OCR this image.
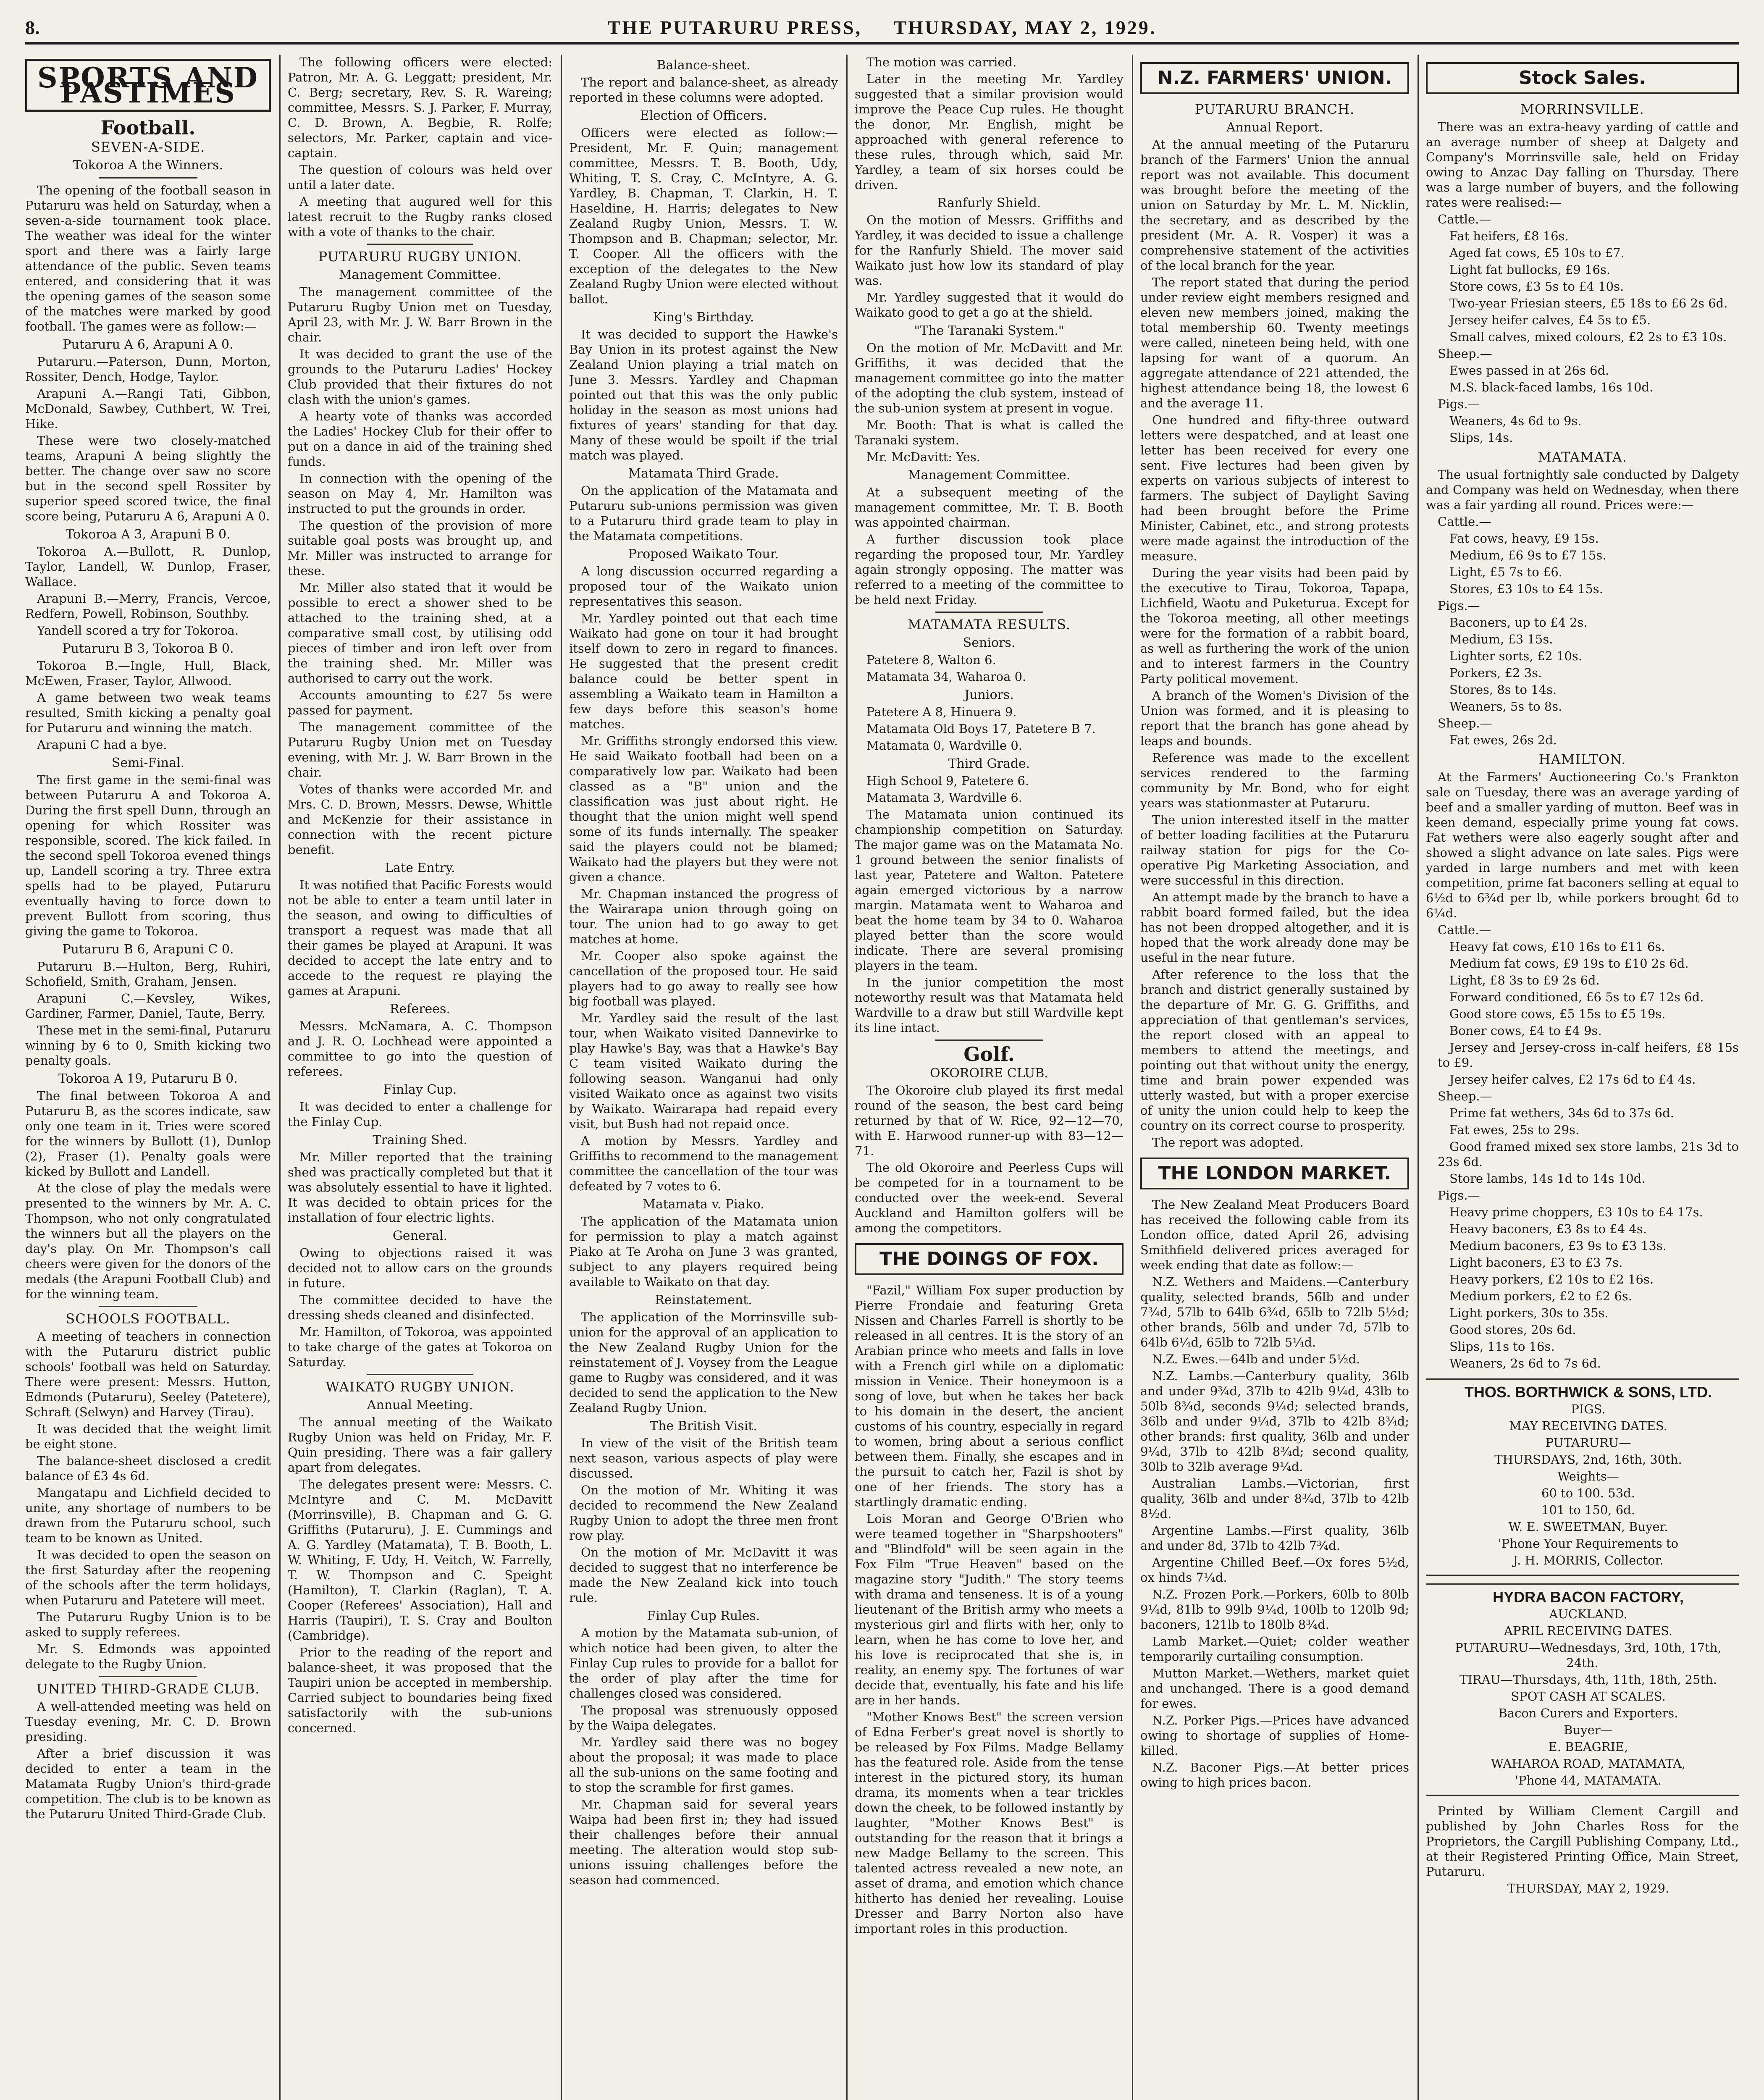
8.	THE PUTARURU PRESS, THURSDAY, MAY 2, 1929.
SPORTS AND PASTIMES
Football.
SEVEN-A-SIDE.
Tokoroa A the Winners.

The opening of the football season in Putaruru was held on Saturday, when a seven-a-side tournament took place. The weather was ideal for the winter sport and there was a fairly large attendance of the public. Seven teams entered, and considering that it was the opening games of the season some of the matches were marked by good football. The games were as follow:—

Putaruru A 6, Arapuni A 0.

Putaruru.—Paterson, Dunn, Morton, Rossiter, Dench, Hodge, Taylor.

Arapuni A.—Rangi Tati, Gibbon, McDonald, Sawbey, Cuthbert, W. Trei, Hike.

These were two closely-matched teams, Arapuni A being slightly the better. The change over saw no score but in the second spell Rossiter by superior speed scored twice, the final score being, Putaruru A 6, Arapuni A 0.

Tokoroa A 3, Arapuni B 0.

Tokoroa A.—Bullott, R. Dunlop, Taylor, Landell, W. Dunlop, Fraser, Wallace.

Arapuni B.—Merry, Francis, Vercoe, Redfern, Powell, Robinson, Southby.

Yandell scored a try for Tokoroa.

Putaruru B 3, Tokoroa B 0.

Tokoroa B.—Ingle, Hull, Black, McEwen, Fraser, Taylor, Allwood.

A game between two weak teams resulted, Smith kicking a penalty goal for Putaruru and winning the match.

Arapuni C had a bye.

Semi-Final.

The first game in the semi-final was between Putaruru A and Tokoroa A. During the first spell Dunn, through an opening for which Rossiter was responsible, scored. The kick failed. In the second spell Tokoroa evened things up, Landell scoring a try. Three extra spells had to be played, Putaruru eventually having to force down to prevent Bullott from scoring, thus giving the game to Tokoroa.

Putaruru B 6, Arapuni C 0.

Putaruru B.—Hulton, Berg, Ruhiri, Schofield, Smith, Graham, Jensen.

Arapuni C.—Kevsley, Wikes, Gardiner, Farmer, Daniel, Taute, Berry.

These met in the semi-final, Putaruru winning by 6 to 0, Smith kicking two penalty goals.

Tokoroa A 19, Putaruru B 0.

The final between Tokoroa A and Putaruru B, as the scores indicate, saw only one team in it. Tries were scored for the winners by Bullott (1), Dunlop (2), Fraser (1). Penalty goals were kicked by Bullott and Landell.

At the close of play the medals were presented to the winners by Mr. A. C. Thompson, who not only congratulated the winners but all the players on the day's play. On Mr. Thompson's call cheers were given for the donors of the medals (the Arapuni Football Club) and for the winning team.

SCHOOLS FOOTBALL.

A meeting of teachers in connection with the Putaruru district public schools' football was held on Saturday. There were present: Messrs. Hutton, Edmonds (Putaruru), Seeley (Patetere), Schraft (Selwyn) and Harvey (Tirau).

It was decided that the weight limit be eight stone.

The balance-sheet disclosed a credit balance of £3 4s 6d.

Mangatapu and Lichfield decided to unite, any shortage of numbers to be drawn from the Putaruru school, such team to be known as United.

It was decided to open the season on the first Saturday after the reopening of the schools after the term holidays, when Putaruru and Patetere will meet.

The Putaruru Rugby Union is to be asked to supply referees.

Mr. S. Edmonds was appointed delegate to the Rugby Union.

UNITED THIRD-GRADE CLUB.

A well-attended meeting was held on Tuesday evening, Mr. C. D. Brown presiding.

After a brief discussion it was decided to enter a team in the Matamata Rugby Union's third-grade competition. The club is to be known as the Putaruru United Third-Grade Club.

The following officers were elected: Patron, Mr. A. G. Leggatt; president, Mr. C. Berg; secretary, Rev. S. R. Wareing; committee, Messrs. S. J. Parker, F. Murray, C. D. Brown, A. Begbie, R. Rolfe; selectors, Mr. Parker, captain and vice-captain.

The question of colours was held over until a later date.

A meeting that augured well for this latest recruit to the Rugby ranks closed with a vote of thanks to the chair.

PUTARURU RUGBY UNION.
Management Committee.

The management committee of the Putaruru Rugby Union met on Tuesday, April 23, with Mr. J. W. Barr Brown in the chair.

It was decided to grant the use of the grounds to the Putaruru Ladies' Hockey Club provided that their fixtures do not clash with the union's games.

A hearty vote of thanks was accorded the Ladies' Hockey Club for their offer to put on a dance in aid of the training shed funds.

In connection with the opening of the season on May 4, Mr. Hamilton was instructed to put the grounds in order.

The question of the provision of more suitable goal posts was brought up, and Mr. Miller was instructed to arrange for these.

Mr. Miller also stated that it would be possible to erect a shower shed to be attached to the training shed, at a comparative small cost, by utilising odd pieces of timber and iron left over from the training shed. Mr. Miller was authorised to carry out the work.

Accounts amounting to £27 5s were passed for payment.

The management committee of the Putaruru Rugby Union met on Tuesday evening, with Mr. J. W. Barr Brown in the chair.

Votes of thanks were accorded Mr. and Mrs. C. D. Brown, Messrs. Dewse, Whittle and McKenzie for their assistance in connection with the recent picture benefit.

Late Entry.

It was notified that Pacific Forests would not be able to enter a team until later in the season, and owing to difficulties of transport a request was made that all their games be played at Arapuni. It was decided to accept the late entry and to accede to the request re playing the games at Arapuni.

Referees.

Messrs. McNamara, A. C. Thompson and J. R. O. Lochhead were appointed a committee to go into the question of referees.

Finlay Cup.

It was decided to enter a challenge for the Finlay Cup.

Training Shed.

Mr. Miller reported that the training shed was practically completed but that it was absolutely essential to have it lighted. It was decided to obtain prices for the installation of four electric lights.

General.

Owing to objections raised it was decided not to allow cars on the grounds in future.

The committee decided to have the dressing sheds cleaned and disinfected.

Mr. Hamilton, of Tokoroa, was appointed to take charge of the gates at Tokoroa on Saturday.

WAIKATO RUGBY UNION.
Annual Meeting.

The annual meeting of the Waikato Rugby Union was held on Friday, Mr. F. Quin presiding. There was a fair gallery apart from delegates.

The delegates present were: Messrs. C. McIntyre and C. M. McDavitt (Morrinsville), B. Chapman and G. G. Griffiths (Putaruru), J. E. Cummings and A. G. Yardley (Matamata), T. B. Booth, L. W. Whiting, F. Udy, H. Veitch, W. Farrelly, T. W. Thompson and C. Speight (Hamilton), T. Clarkin (Raglan), T. A. Cooper (Referees' Association), Hall and Harris (Taupiri), T. S. Cray and Boulton (Cambridge).

Prior to the reading of the report and balance-sheet, it was proposed that the Taupiri union be accepted in membership. Carried subject to boundaries being fixed satisfactorily with the sub-unions concerned.

Balance-sheet.

The report and balance-sheet, as already reported in these columns were adopted.

Election of Officers.

Officers were elected as follow:— President, Mr. F. Quin; management committee, Messrs. T. B. Booth, Udy, Whiting, T. S. Cray, C. McIntyre, A. G. Yardley, B. Chapman, T. Clarkin, H. T. Haseldine, H. Harris; delegates to New Zealand Rugby Union, Messrs. T. W. Thompson and B. Chapman; selector, Mr. T. Cooper. All the officers with the exception of the delegates to the New Zealand Rugby Union were elected without ballot.

King's Birthday.

It was decided to support the Hawke's Bay Union in its protest against the New Zealand Union playing a trial match on June 3. Messrs. Yardley and Chapman pointed out that this was the only public holiday in the season as most unions had fixtures of years' standing for that day. Many of these would be spoilt if the trial match was played.

Matamata Third Grade.

On the application of the Matamata and Putaruru sub-unions permission was given to a Putaruru third grade team to play in the Matamata competitions.

Proposed Waikato Tour.

A long discussion occurred regarding a proposed tour of the Waikato union representatives this season.

Mr. Yardley pointed out that each time Waikato had gone on tour it had brought itself down to zero in regard to finances. He suggested that the present credit balance could be better spent in assembling a Waikato team in Hamilton a few days before this season's home matches.

Mr. Griffiths strongly endorsed this view. He said Waikato football had been on a comparatively low par. Waikato had been classed as a "B" union and the classification was just about right. He thought that the union might well spend some of its funds internally. The speaker said the players could not be blamed; Waikato had the players but they were not given a chance.

Mr. Chapman instanced the progress of the Wairarapa union through going on tour. The union had to go away to get matches at home.

Mr. Cooper also spoke against the cancellation of the proposed tour. He said players had to go away to really see how big football was played.

Mr. Yardley said the result of the last tour, when Waikato visited Dannevirke to play Hawke's Bay, was that a Hawke's Bay C team visited Waikato during the following season. Wanganui had only visited Waikato once as against two visits by Waikato. Wairarapa had repaid every visit, but Bush had not repaid once.

A motion by Messrs. Yardley and Griffiths to recommend to the management committee the cancellation of the tour was defeated by 7 votes to 6.

Matamata v. Piako.

The application of the Matamata union for permission to play a match against Piako at Te Aroha on June 3 was granted, subject to any players required being available to Waikato on that day.

Reinstatement.

The application of the Morrinsville sub-union for the approval of an application to the New Zealand Rugby Union for the reinstatement of J. Voysey from the League game to Rugby was considered, and it was decided to send the application to the New Zealand Rugby Union.

The British Visit.

In view of the visit of the British team next season, various aspects of play were discussed.

On the motion of Mr. Whiting it was decided to recommend the New Zealand Rugby Union to adopt the three men front row play.

On the motion of Mr. McDavitt it was decided to suggest that no interference be made the New Zealand kick into touch rule.

Finlay Cup Rules.

A motion by the Matamata sub-union, of which notice had been given, to alter the Finlay Cup rules to provide for a ballot for the order of play after the time for challenges closed was considered.

The proposal was strenuously opposed by the Waipa delegates.

Mr. Yardley said there was no bogey about the proposal; it was made to place all the sub-unions on the same footing and to stop the scramble for first games.

Mr. Chapman said for several years Waipa had been first in; they had issued their challenges before their annual meeting. The alteration would stop sub-unions issuing challenges before the season had commenced.

The motion was carried.

Later in the meeting Mr. Yardley suggested that a similar provision would improve the Peace Cup rules. He thought the donor, Mr. English, might be approached with general reference to these rules, through which, said Mr. Yardley, a team of six horses could be driven.

Ranfurly Shield.

On the motion of Messrs. Griffiths and Yardley, it was decided to issue a challenge for the Ranfurly Shield. The mover said Waikato just how low its standard of play was.

Mr. Yardley suggested that it would do Waikato good to get a go at the shield.

"The Taranaki System."

On the motion of Mr. McDavitt and Mr. Griffiths, it was decided that the management committee go into the matter of the adopting the club system, instead of the sub-union system at present in vogue.

Mr. Booth: That is what is called the Taranaki system.

Mr. McDavitt: Yes.

Management Committee.

At a subsequent meeting of the management committee, Mr. T. B. Booth was appointed chairman.

A further discussion took place regarding the proposed tour, Mr. Yardley again strongly opposing. The matter was referred to a meeting of the committee to be held next Friday.

MATAMATA RESULTS.
Seniors.

Patetere 8, Walton 6.

Matamata 34, Waharoa 0.

Juniors.

Patetere A 8, Hinuera 9.

Matamata Old Boys 17, Patetere B 7.

Matamata 0, Wardville 0.

Third Grade.

High School 9, Patetere 6.

Matamata 3, Wardville 6.

The Matamata union continued its championship competition on Saturday. The major game was on the Matamata No. 1 ground between the senior finalists of last year, Patetere and Walton. Patetere again emerged victorious by a narrow margin. Matamata went to Waharoa and beat the home team by 34 to 0. Waharoa played better than the score would indicate. There are several promising players in the team.

In the junior competition the most noteworthy result was that Matamata held Wardville to a draw but still Wardville kept its line intact.

Golf.
OKOROIRE CLUB.

The Okoroire club played its first medal round of the season, the best card being returned by that of W. Rice, 92—12—70, with E. Harwood runner-up with 83—12—71.

The old Okoroire and Peerless Cups will be competed for in a tournament to be conducted over the week-end. Several Auckland and Hamilton golfers will be among the competitors.

THE DOINGS OF FOX.

"Fazil," William Fox super production by Pierre Frondaie and featuring Greta Nissen and Charles Farrell is shortly to be released in all centres. It is the story of an Arabian prince who meets and falls in love with a French girl while on a diplomatic mission in Venice. Their honeymoon is a song of love, but when he takes her back to his domain in the desert, the ancient customs of his country, especially in regard to women, bring about a serious conflict between them. Finally, she escapes and in the pursuit to catch her, Fazil is shot by one of her friends. The story has a startlingly dramatic ending.

Lois Moran and George O'Brien who were teamed together in "Sharpshooters" and "Blindfold" will be seen again in the Fox Film "True Heaven" based on the magazine story "Judith." The story teems with drama and tenseness. It is of a young lieutenant of the British army who meets a mysterious girl and flirts with her, only to learn, when he has come to love her, and his love is reciprocated that she is, in reality, an enemy spy. The fortunes of war decide that, eventually, his fate and his life are in her hands.

"Mother Knows Best" the screen version of Edna Ferber's great novel is shortly to be released by Fox Films. Madge Bellamy has the featured role. Aside from the tense interest in the pictured story, its human drama, its moments when a tear trickles down the cheek, to be followed instantly by laughter, "Mother Knows Best" is outstanding for the reason that it brings a new Madge Bellamy to the screen. This talented actress revealed a new note, an asset of drama, and emotion which chance hitherto has denied her revealing. Louise Dresser and Barry Norton also have important roles in this production.

N.Z. FARMERS' UNION.
PUTARURU BRANCH.
Annual Report.

At the annual meeting of the Putaruru branch of the Farmers' Union the annual report was not available. This document was brought before the meeting of the union on Saturday by Mr. L. M. Nicklin, the secretary, and as described by the president (Mr. A. R. Vosper) it was a comprehensive statement of the activities of the local branch for the year.

The report stated that during the period under review eight members resigned and eleven new members joined, making the total membership 60. Twenty meetings were called, nineteen being held, with one lapsing for want of a quorum. An aggregate attendance of 221 attended, the highest attendance being 18, the lowest 6 and the average 11.

One hundred and fifty-three outward letters were despatched, and at least one letter has been received for every one sent. Five lectures had been given by experts on various subjects of interest to farmers. The subject of Daylight Saving had been brought before the Prime Minister, Cabinet, etc., and strong protests were made against the introduction of the measure.

During the year visits had been paid by the executive to Tirau, Tokoroa, Tapapa, Lichfield, Waotu and Puketurua. Except for the Tokoroa meeting, all other meetings were for the formation of a rabbit board, as well as furthering the work of the union and to interest farmers in the Country Party political movement.

A branch of the Women's Division of the Union was formed, and it is pleasing to report that the branch has gone ahead by leaps and bounds.

Reference was made to the excellent services rendered to the farming community by Mr. Bond, who for eight years was stationmaster at Putaruru.

The union interested itself in the matter of better loading facilities at the Putaruru railway station for pigs for the Co-operative Pig Marketing Association, and were successful in this direction.

An attempt made by the branch to have a rabbit board formed failed, but the idea has not been dropped altogether, and it is hoped that the work already done may be useful in the near future.

After reference to the loss that the branch and district generally sustained by the departure of Mr. G. G. Griffiths, and appreciation of that gentleman's services, the report closed with an appeal to members to attend the meetings, and pointing out that without unity the energy, time and brain power expended was utterly wasted, but with a proper exercise of unity the union could help to keep the country on its correct course to prosperity.

The report was adopted.

THE LONDON MARKET.

The New Zealand Meat Producers Board has received the following cable from its London office, dated April 26, advising Smithfield delivered prices averaged for week ending that date as follow:—

N.Z. Wethers and Maidens.—Canterbury quality, selected brands, 56lb and under 7¾d, 57lb to 64lb 6¾d, 65lb to 72lb 5½d; other brands, 56lb and under 7d, 57lb to 64lb 6¼d, 65lb to 72lb 5¼d.

N.Z. Ewes.—64lb and under 5½d.

N.Z. Lambs.—Canterbury quality, 36lb and under 9¾d, 37lb to 42lb 9¼d, 43lb to 50lb 8¾d, seconds 9¼d; selected brands, 36lb and under 9¼d, 37lb to 42lb 8¾d; other brands: first quality, 36lb and under 9¼d, 37lb to 42lb 8¾d; second quality, 30lb to 32lb average 9¼d.

Australian Lambs.—Victorian, first quality, 36lb and under 8¾d, 37lb to 42lb 8½d.

Argentine Lambs.—First quality, 36lb and under 8d, 37lb to 42lb 7¾d.

Argentine Chilled Beef.—Ox fores 5½d, ox hinds 7¼d.

N.Z. Frozen Pork.—Porkers, 60lb to 80lb 9¼d, 81lb to 99lb 9¼d, 100lb to 120lb 9d; baconers, 121lb to 180lb 8¾d.

Lamb Market.—Quiet; colder weather temporarily curtailing consumption.

Mutton Market.—Wethers, market quiet and unchanged. There is a good demand for ewes.

N.Z. Porker Pigs.—Prices have advanced owing to shortage of supplies of Home-killed.

N.Z. Baconer Pigs.—At better prices owing to high prices bacon.

Stock Sales.
MORRINSVILLE.

There was an extra-heavy yarding of cattle and an average number of sheep at Dalgety and Company's Morrinsville sale, held on Friday owing to Anzac Day falling on Thursday. There was a large number of buyers, and the following rates were realised:—

Cattle.—

Fat heifers, £8 16s.

Aged fat cows, £5 10s to £7.

Light fat bullocks, £9 16s.

Store cows, £3 5s to £4 10s.

Two-year Friesian steers, £5 18s to £6 2s 6d.

Jersey heifer calves, £4 5s to £5.

Small calves, mixed colours, £2 2s to £3 10s.

Sheep.—

Ewes passed in at 26s 6d.

M.S. black-faced lambs, 16s 10d.

Pigs.—

Weaners, 4s 6d to 9s.

Slips, 14s.

MATAMATA.

The usual fortnightly sale conducted by Dalgety and Company was held on Wednesday, when there was a fair yarding all round. Prices were:—

Cattle.—

Fat cows, heavy, £9 15s.

Medium, £6 9s to £7 15s.

Light, £5 7s to £6.

Stores, £3 10s to £4 15s.

Pigs.—

Baconers, up to £4 2s.

Medium, £3 15s.

Lighter sorts, £2 10s.

Porkers, £2 3s.

Stores, 8s to 14s.

Weaners, 5s to 8s.

Sheep.—

Fat ewes, 26s 2d.

HAMILTON.

At the Farmers' Auctioneering Co.'s Frankton sale on Tuesday, there was an average yarding of beef and a smaller yarding of mutton. Beef was in keen demand, especially prime young fat cows. Fat wethers were also eagerly sought after and showed a slight advance on late sales. Pigs were yarded in large numbers and met with keen competition, prime fat baconers selling at equal to 6½d to 6¾d per lb, while porkers brought 6d to 6¼d.

Cattle.—

Heavy fat cows, £10 16s to £11 6s.

Medium fat cows, £9 19s to £10 2s 6d.

Light, £8 3s to £9 2s 6d.

Forward conditioned, £6 5s to £7 12s 6d.

Good store cows, £5 15s to £5 19s.

Boner cows, £4 to £4 9s.

Jersey and Jersey-cross in-calf heifers, £8 15s to £9.

Jersey heifer calves, £2 17s 6d to £4 4s.

Sheep.—

Prime fat wethers, 34s 6d to 37s 6d.

Fat ewes, 25s to 29s.

Good framed mixed sex store lambs, 21s 3d to 23s 6d.

Store lambs, 14s 1d to 14s 10d.

Pigs.—

Heavy prime choppers, £3 10s to £4 17s.

Heavy baconers, £3 8s to £4 4s.

Medium baconers, £3 9s to £3 13s.

Light baconers, £3 to £3 7s.

Heavy porkers, £2 10s to £2 16s.

Medium porkers, £2 to £2 6s.

Light porkers, 30s to 35s.

Good stores, 20s 6d.

Slips, 11s to 16s.

Weaners, 2s 6d to 7s 6d.

THOS. BORTHWICK & SONS, LTD.

PIGS.

MAY RECEIVING DATES.

PUTARURU—

THURSDAYS, 2nd, 16th, 30th.

Weights—

60 to 100. 53d.

101 to 150, 6d.

W. E. SWEETMAN, Buyer.

'Phone Your Requirements to

J. H. MORRIS, Collector.

HYDRA BACON FACTORY,

AUCKLAND.

APRIL RECEIVING DATES.

PUTARURU—Wednesdays, 3rd, 10th, 17th, 24th.

TIRAU—Thursdays, 4th, 11th, 18th, 25th.

SPOT CASH AT SCALES.

Bacon Curers and Exporters.

Buyer—

E. BEAGRIE,

WAHAROA ROAD, MATAMATA,

'Phone 44, MATAMATA.

Printed by William Clement Cargill and published by John Charles Ross for the Proprietors, the Cargill Publishing Company, Ltd., at their Registered Printing Office, Main Street, Putaruru.

THURSDAY, MAY 2, 1929.
